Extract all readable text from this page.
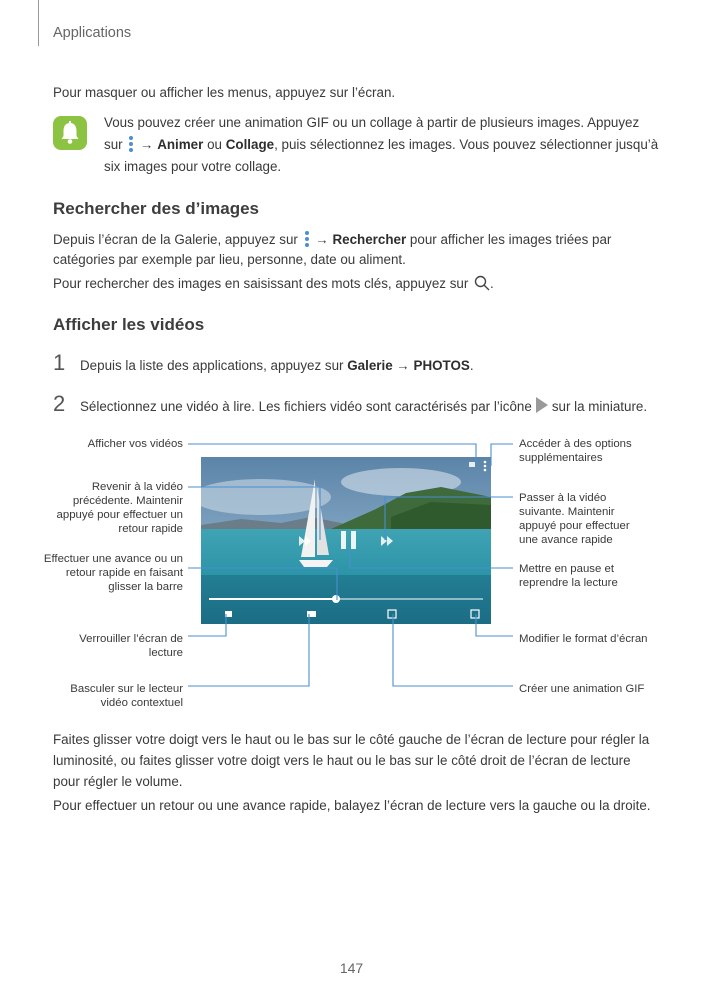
Applications
Pour masquer ou afficher les menus, appuyez sur l’écran.
Vous pouvez créer une animation GIF ou un collage à partir de plusieurs images. Appuyez
sur → Animer ou Collage, puis sélectionnez les images. Vous pouvez sélectionner jusqu’à
six images pour votre collage.
Rechercher des d’images
Depuis l’écran de la Galerie, appuyez sur → Rechercher pour afficher les images triées par
catégories par exemple par lieu, personne, date ou aliment.
Pour rechercher des images en saisissant des mots clés, appuyez sur .
Afficher les vidéos
1 Depuis la liste des applications, appuyez sur Galerie → PHOTOS.
2 Sélectionnez une vidéo à lire. Les fichiers vidéo sont caractérisés par l’icône sur la miniature.
Afficher vos vidéos
Revenir à la vidéo précédente. Maintenir appuyé pour effectuer un retour rapide
Effectuer une avance ou un retour rapide en faisant glisser la barre
Verrouiller l’écran de lecture
Basculer sur le lecteur vidéo contextuel
Accéder à des options supplémentaires
Passer à la vidéo suivante. Maintenir appuyé pour effectuer une avance rapide
Mettre en pause et reprendre la lecture
Modifier le format d’écran
Créer une animation GIF
Faites glisser votre doigt vers le haut ou le bas sur le côté gauche de l’écran de lecture pour régler la
luminosité, ou faites glisser votre doigt vers le haut ou le bas sur le côté droit de l’écran de lecture
pour régler le volume.
Pour effectuer un retour ou une avance rapide, balayez l’écran de lecture vers la gauche ou la droite.
147
